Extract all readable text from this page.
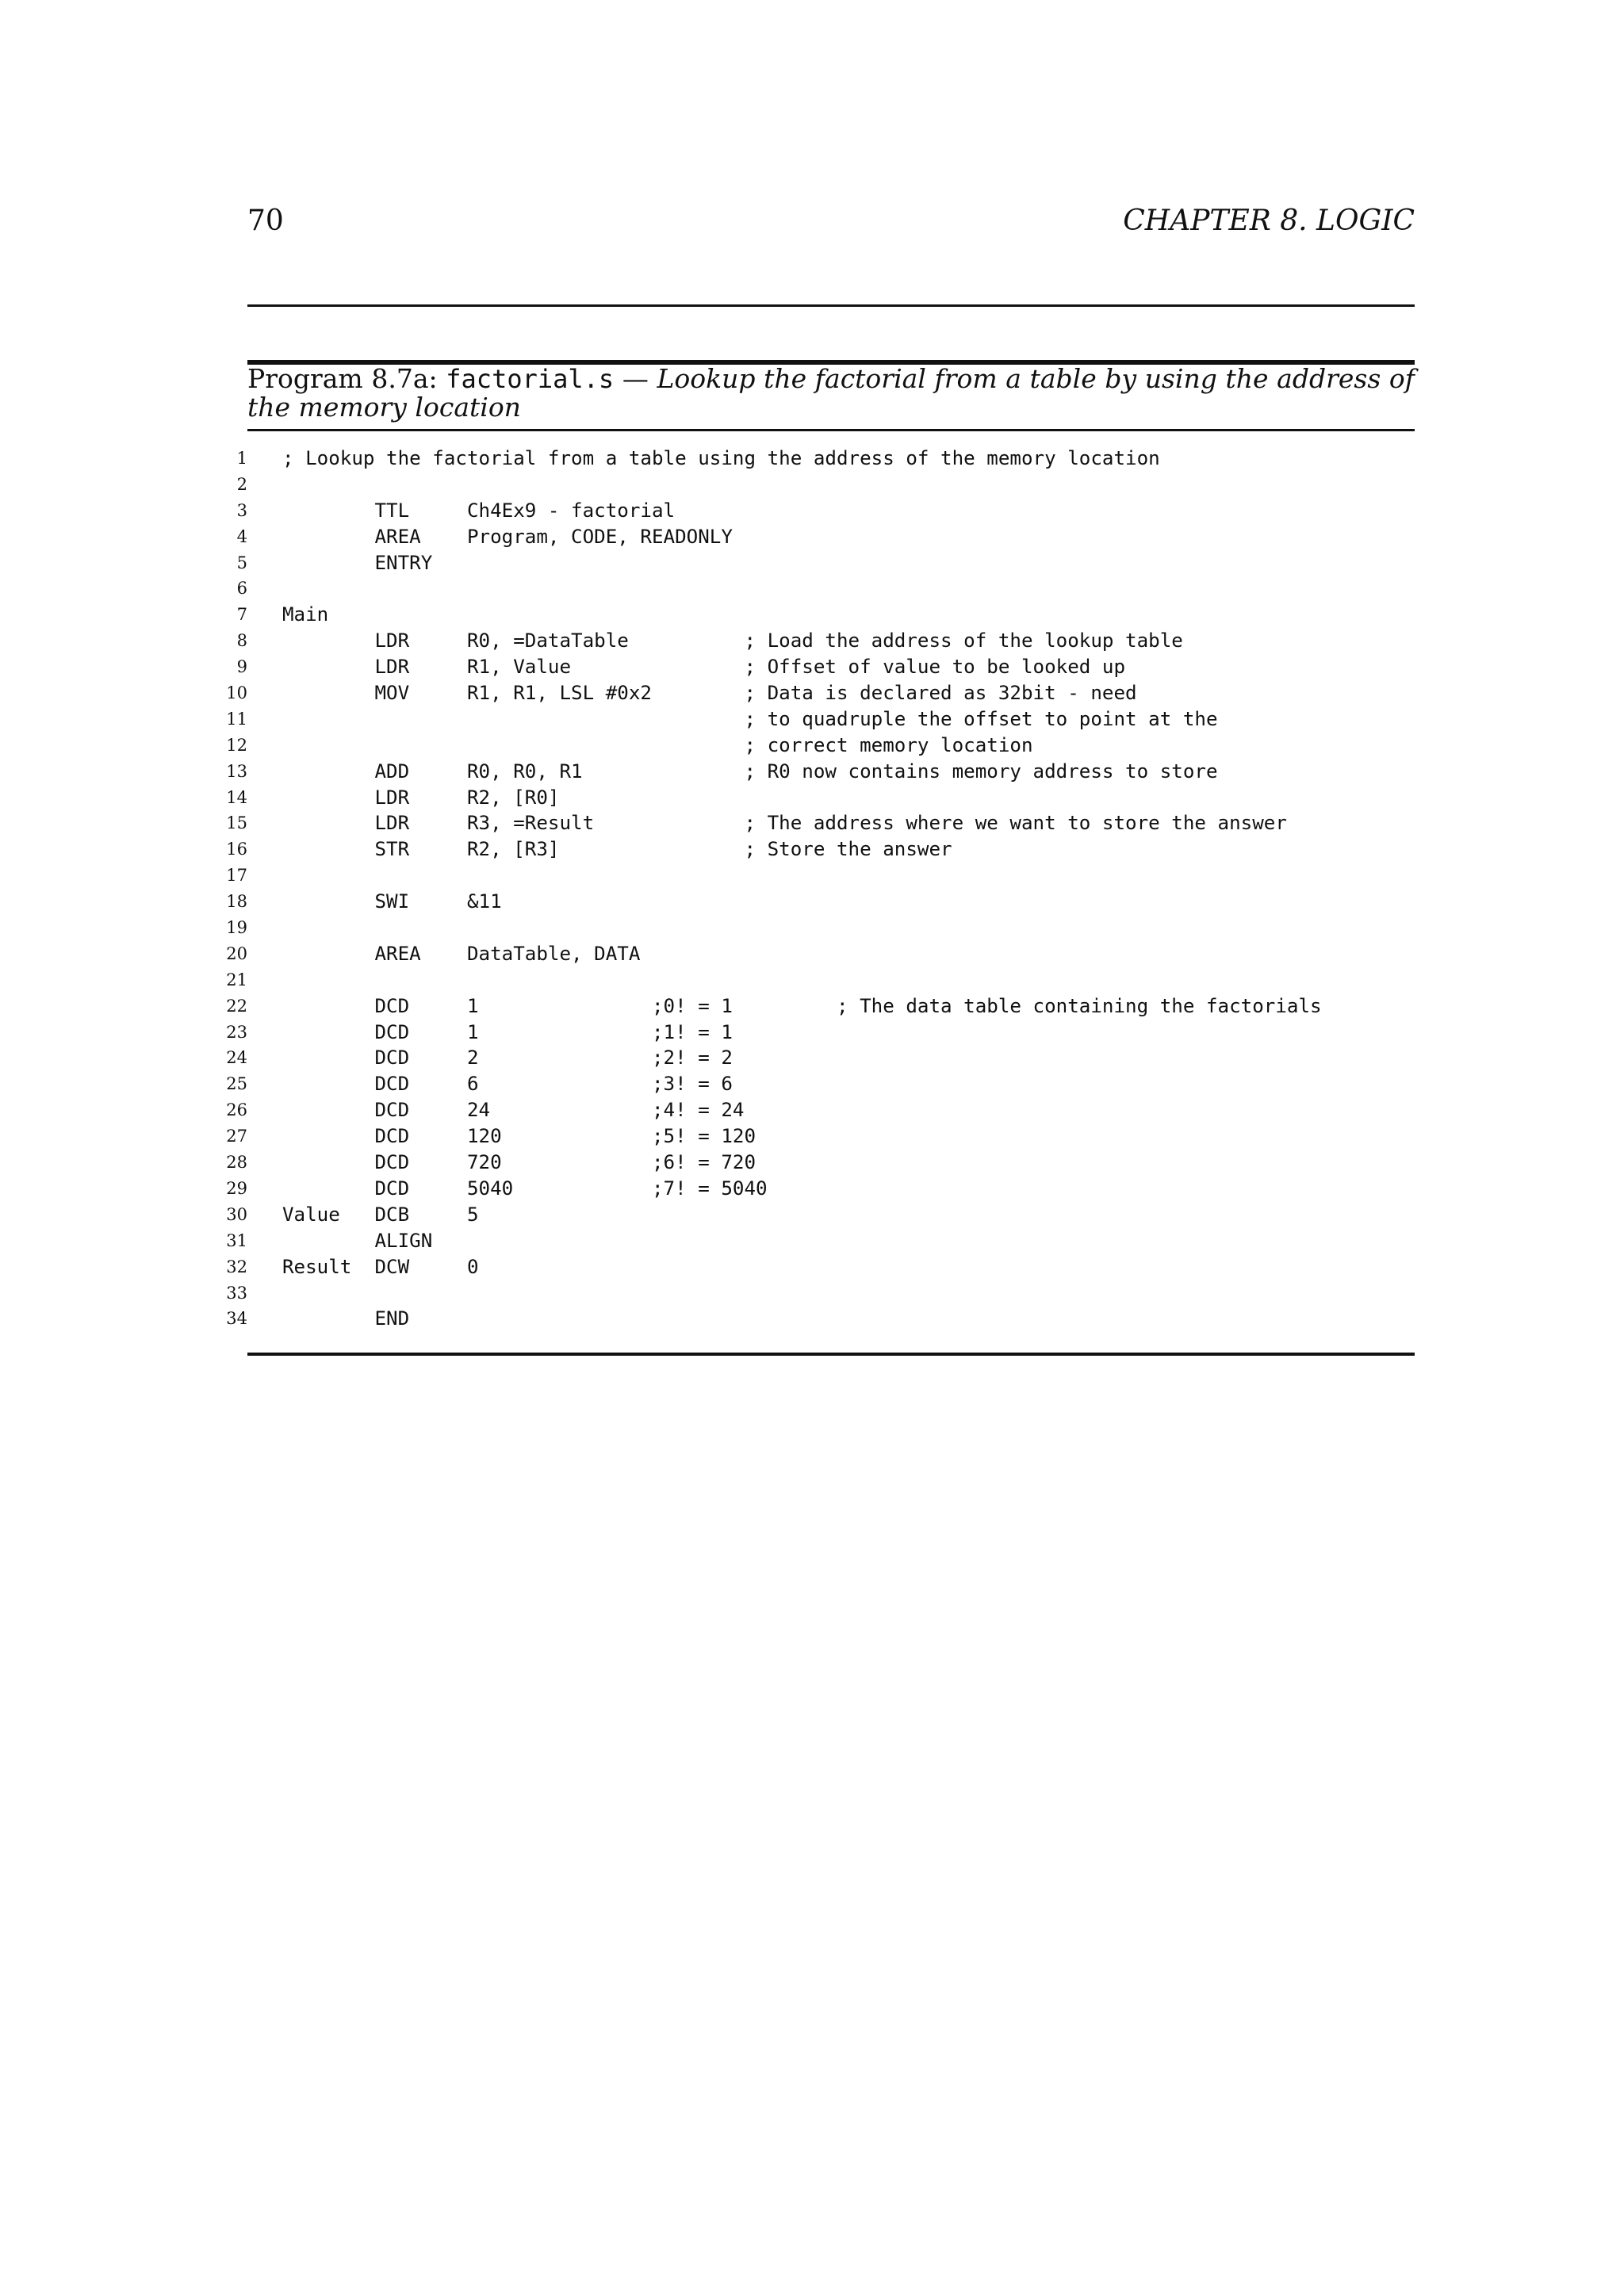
70	CHAPTER 8. LOGIC
Program 8.7a: factorial.s — Lookup the factorial from a table by using the address of the memory location
1 ; Lookup the factorial from a table using the address of the memory location
2
3 TTL     Ch4Ex9 - factorial
4 AREA    Program, CODE, READONLY
5 ENTRY
6
7 Main
8 LDR     R0, =DataTable          ; Load the address of the lookup table
9 LDR     R1, Value               ; Offset of value to be looked up
10 MOV     R1, R1, LSL #0x2        ; Data is declared as 32bit - need
11 ; to quadruple the offset to point at the
12 ; correct memory location
13 ADD     R0, R0, R1              ; R0 now contains memory address to store
14 LDR     R2, [R0]
15 LDR     R3, =Result             ; The address where we want to store the answer
16 STR     R2, [R3]                ; Store the answer
17
18 SWI     &11
19
20 AREA    DataTable, DATA
21
22 DCD     1               ;0! = 1         ; The data table containing the factorials
23 DCD     1               ;1! = 1
24 DCD     2               ;2! = 2
25 DCD     6               ;3! = 6
26 DCD     24              ;4! = 24
27 DCD     120             ;5! = 120
28 DCD     720             ;6! = 720
29 DCD     5040            ;7! = 5040
30 Value   DCB     5
31 ALIGN
32 Result  DCW     0
33
34 END
